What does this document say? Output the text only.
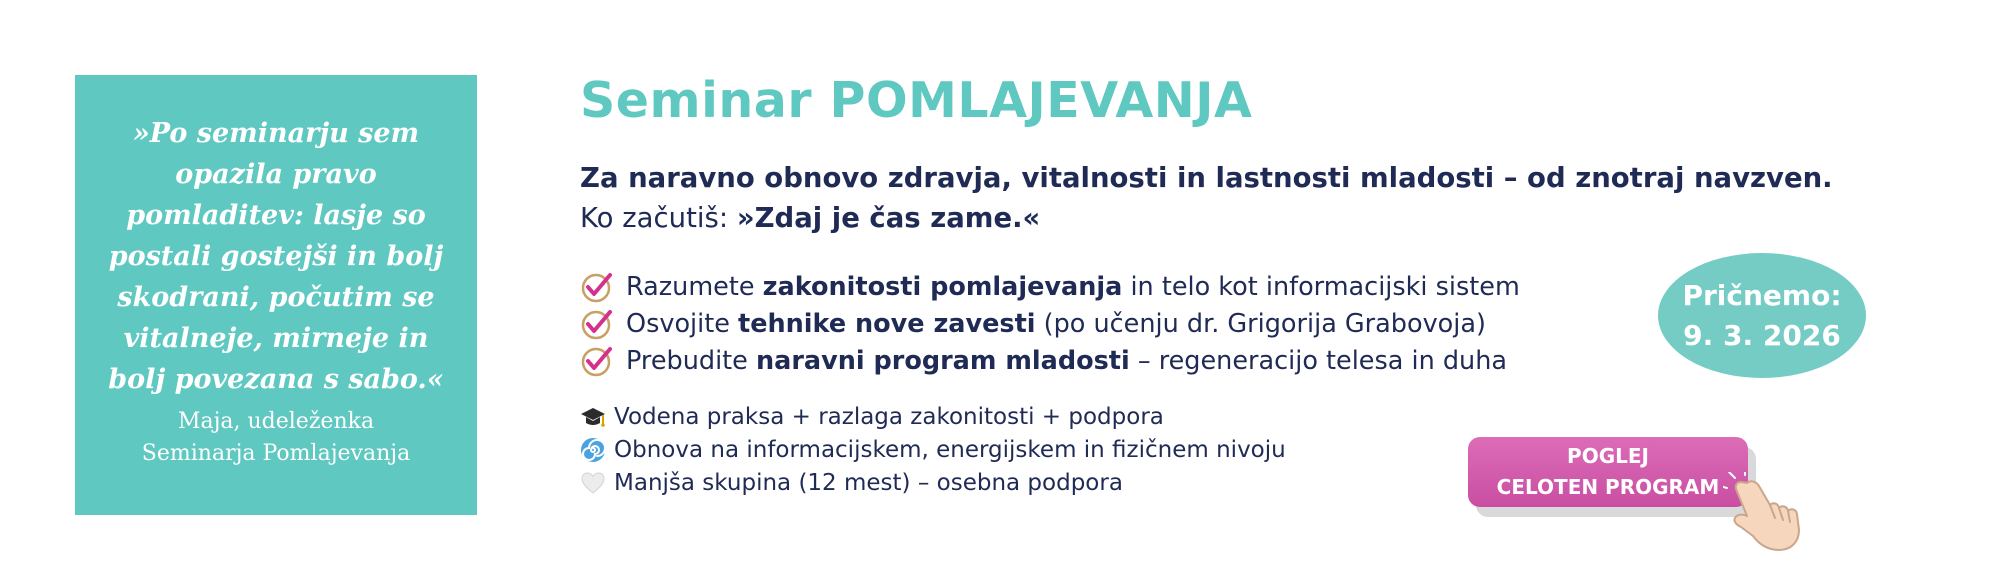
»Po seminarju sem opazila pravo pomladitev: lasje so postali gostejši in bolj skodrani, počutim se vitalneje, mirneje in bolj povezana s sabo.«

Maja, udeleženka
Seminarja Pomlajevanja
Seminar POMLAJEVANJA
Za naravno obnovo zdravja, vitalnosti in lastnosti mladosti – od znotraj navzven.
Ko začutiš: »Zdaj je čas zame.«
Razumete zakonitosti pomlajevanja in telo kot informacijski sistem
Osvojite tehnike nove zavesti (po učenju dr. Grigorija Grabovoja)
Prebudite naravni program mladosti – regeneracijo telesa in duha
Vodena praksa + razlaga zakonitosti + podpora
Obnova na informacijskem, energijskem in fizičnem nivoju
Manjša skupina (12 mest) – osebna podpora
Pričnemo:
9. 3. 2026
POGLEJ
CELOTEN PROGRAM
